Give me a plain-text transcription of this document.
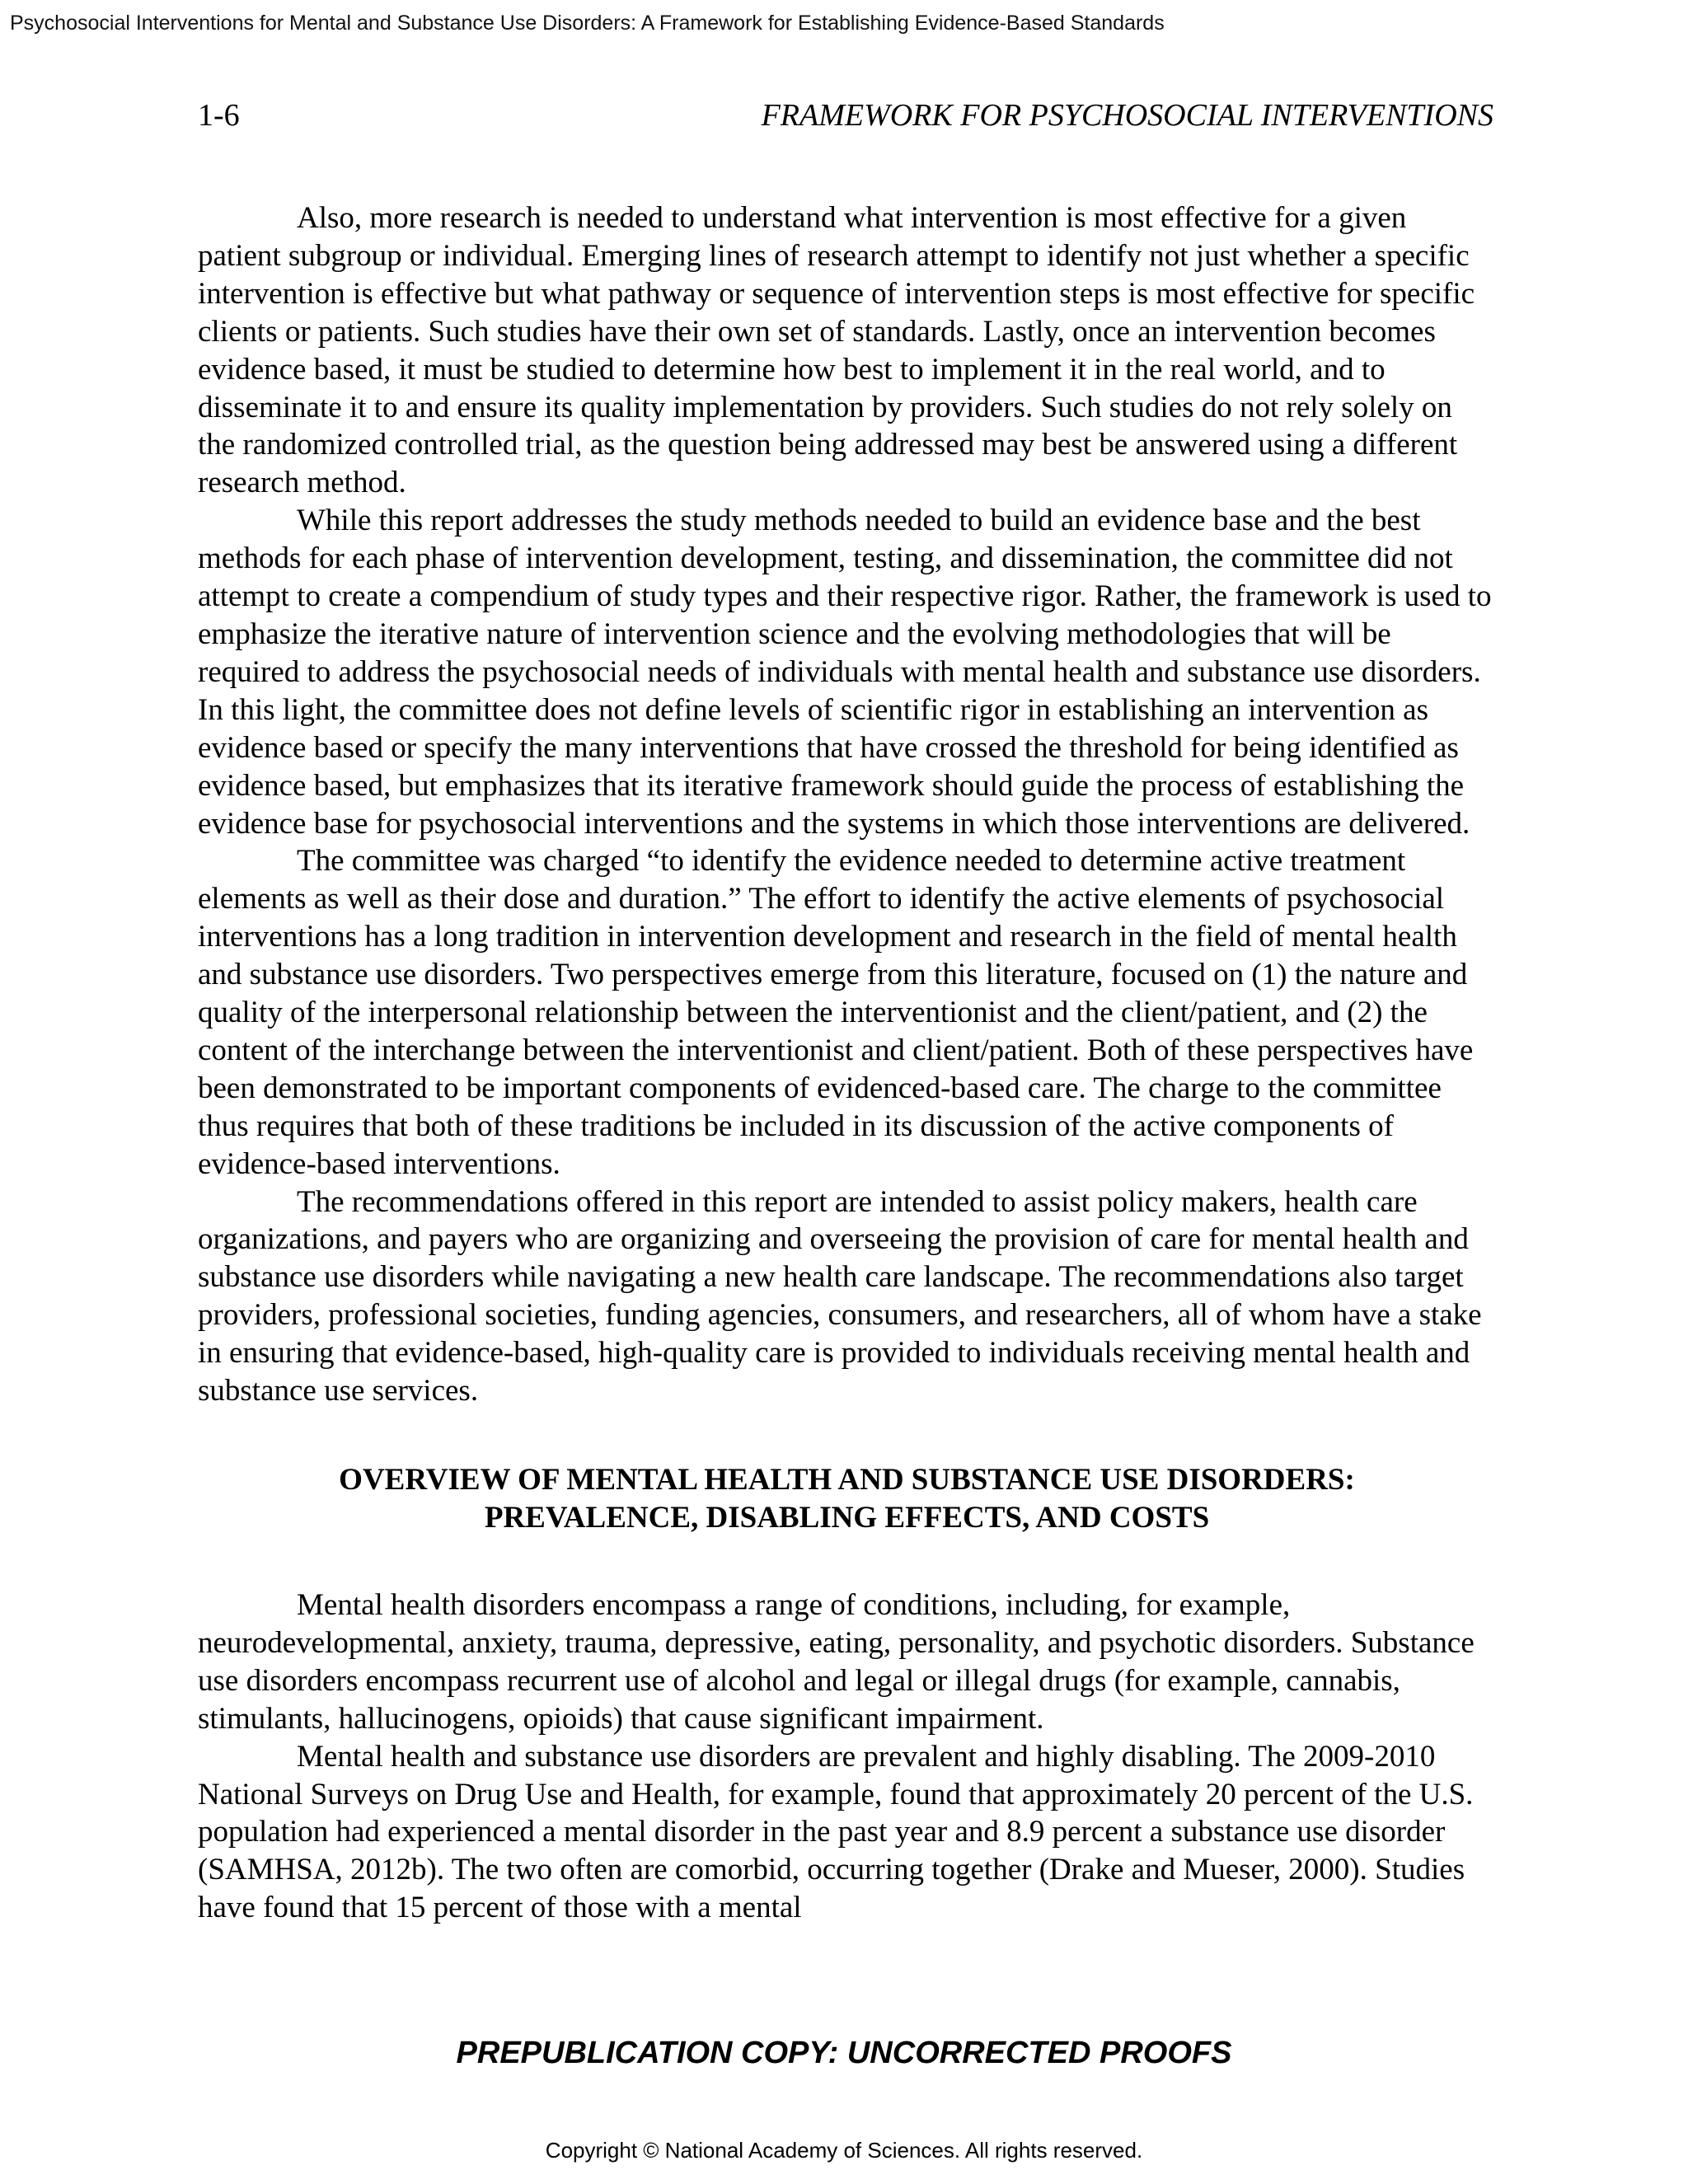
Psychosocial Interventions for Mental and Substance Use Disorders: A Framework for Establishing Evidence-Based Standards
1-6	FRAMEWORK FOR PSYCHOSOCIAL INTERVENTIONS

Also, more research is needed to understand what intervention is most effective for a given patient subgroup or individual. Emerging lines of research attempt to identify not just whether a specific intervention is effective but what pathway or sequence of intervention steps is most effective for specific clients or patients. Such studies have their own set of standards. Lastly, once an intervention becomes evidence based, it must be studied to determine how best to implement it in the real world, and to disseminate it to and ensure its quality implementation by providers. Such studies do not rely solely on the randomized controlled trial, as the question being addressed may best be answered using a different research method.

While this report addresses the study methods needed to build an evidence base and the best methods for each phase of intervention development, testing, and dissemination, the committee did not attempt to create a compendium of study types and their respective rigor. Rather, the framework is used to emphasize the iterative nature of intervention science and the evolving methodologies that will be required to address the psychosocial needs of individuals with mental health and substance use disorders. In this light, the committee does not define levels of scientific rigor in establishing an intervention as evidence based or specify the many interventions that have crossed the threshold for being identified as evidence based, but emphasizes that its iterative framework should guide the process of establishing the evidence base for psychosocial interventions and the systems in which those interventions are delivered.

The committee was charged “to identify the evidence needed to determine active treatment elements as well as their dose and duration.” The effort to identify the active elements of psychosocial interventions has a long tradition in intervention development and research in the field of mental health and substance use disorders. Two perspectives emerge from this literature, focused on (1) the nature and quality of the interpersonal relationship between the interventionist and the client/patient, and (2) the content of the interchange between the interventionist and client/patient. Both of these perspectives have been demonstrated to be important components of evidenced-based care. The charge to the committee thus requires that both of these traditions be included in its discussion of the active components of evidence-based interventions.

The recommendations offered in this report are intended to assist policy makers, health care organizations, and payers who are organizing and overseeing the provision of care for mental health and substance use disorders while navigating a new health care landscape. The recommendations also target providers, professional societies, funding agencies, consumers, and researchers, all of whom have a stake in ensuring that evidence-based, high-quality care is provided to individuals receiving mental health and substance use services.

OVERVIEW OF MENTAL HEALTH AND SUBSTANCE USE DISORDERS:
PREVALENCE, DISABLING EFFECTS, AND COSTS

Mental health disorders encompass a range of conditions, including, for example, neurodevelopmental, anxiety, trauma, depressive, eating, personality, and psychotic disorders. Substance use disorders encompass recurrent use of alcohol and legal or illegal drugs (for example, cannabis, stimulants, hallucinogens, opioids) that cause significant impairment.

Mental health and substance use disorders are prevalent and highly disabling. The 2009-2010 National Surveys on Drug Use and Health, for example, found that approximately 20 percent of the U.S. population had experienced a mental disorder in the past year and 8.9 percent a substance use disorder (SAMHSA, 2012b). The two often are comorbid, occurring together (Drake and Mueser, 2000). Studies have found that 15 percent of those with a mental

PREPUBLICATION COPY: UNCORRECTED PROOFS
Copyright © National Academy of Sciences. All rights reserved.
